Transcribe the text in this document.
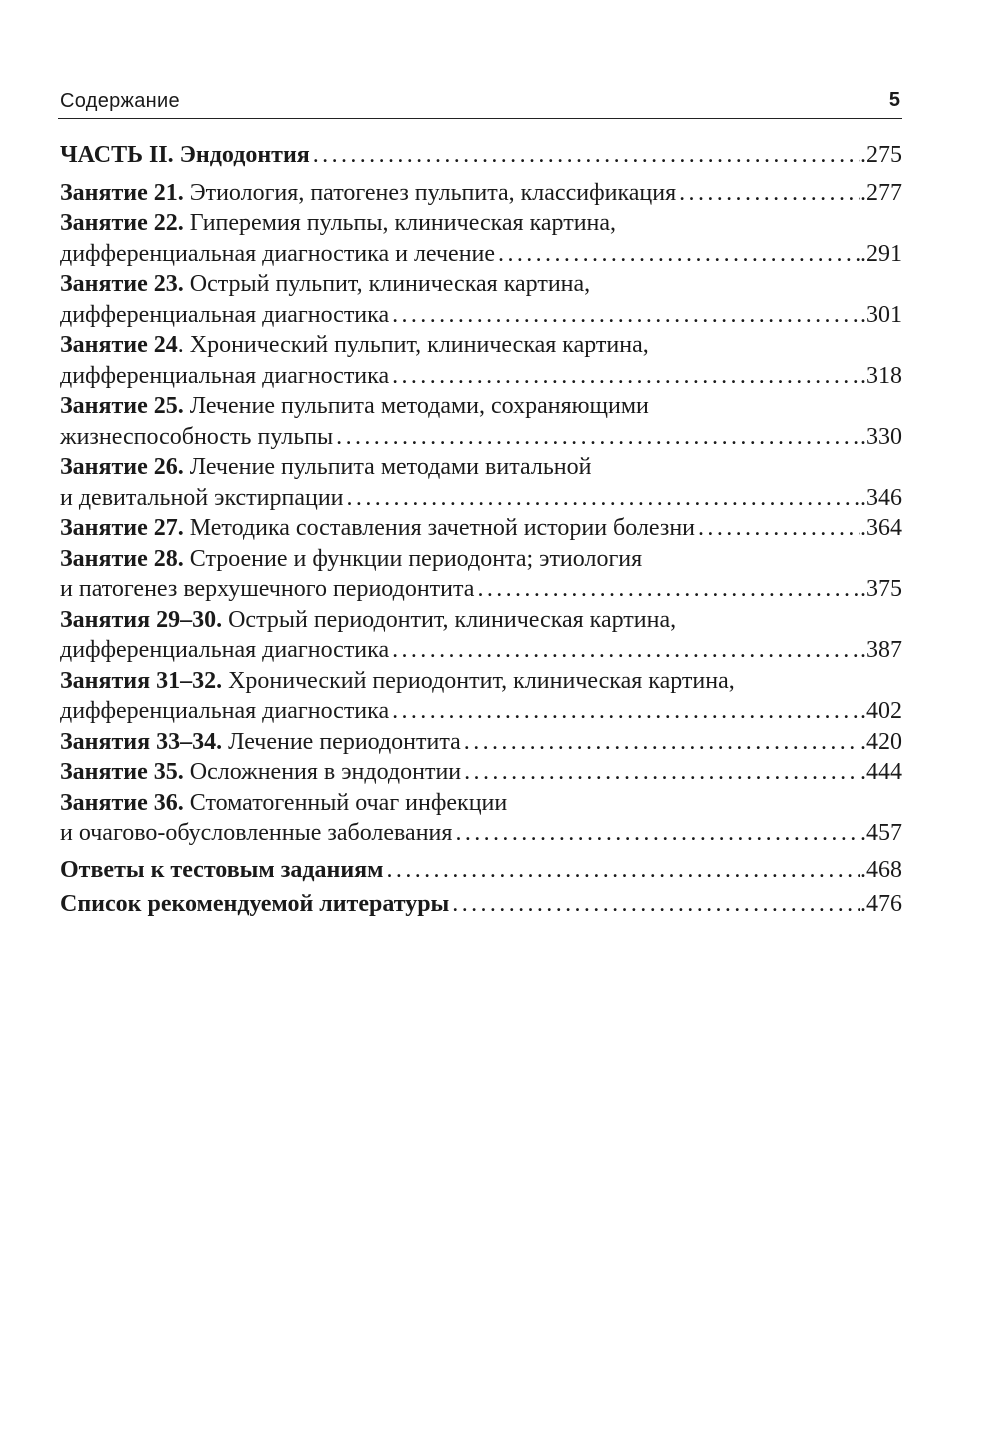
Содержание	5
ЧАСТЬ II. Эндодонтия .....	.275
Занятие 21. Этиология, патогенез пульпита, классификация .....	.277
Занятие 22. Гиперемия пульпы, клиническая картина,
дифференциальная диагностика и лечение .....	.291
Занятие 23. Острый пульпит, клиническая картина,
дифференциальная диагностика .....	.301
Занятие 24. Хронический пульпит, клиническая картина,
дифференциальная диагностика .....	.318
Занятие 25. Лечение пульпита методами, сохраняющими
жизнеспособность пульпы .....	.330
Занятие 26. Лечение пульпита методами витальной
и девитальной экстирпации .....	.346
Занятие 27. Методика составления зачетной истории болезни .....	.364
Занятие 28. Строение и функции периодонта; этиология
и патогенез верхушечного периодонтита .....	.375
Занятия 29–30. Острый периодонтит, клиническая картина,
дифференциальная диагностика .....	.387
Занятия 31–32. Хронический периодонтит, клиническая картина,
дифференциальная диагностика .....	.402
Занятия 33–34. Лечение периодонтита .....	.420
Занятие 35. Осложнения в эндодонтии .....	.444
Занятие 36. Стоматогенный очаг инфекции
и очагово-обусловленные заболевания .....	.457
Ответы к тестовым заданиям .....	.468
Список рекомендуемой литературы .....	.476
